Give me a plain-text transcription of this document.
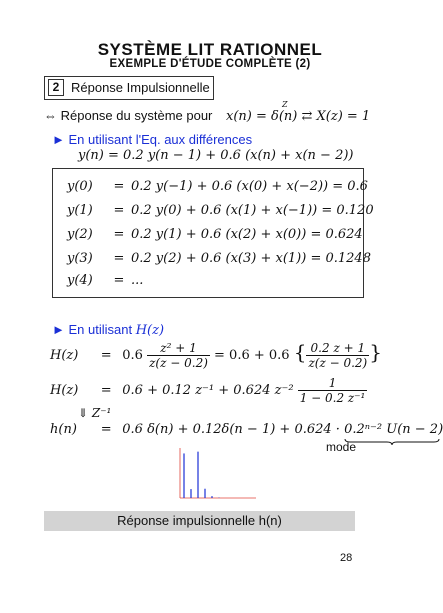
SYSTÈME LIT RATIONNEL
EXEMPLE D'ÉTUDE COMPLÈTE (2)
2 Réponse Impulsionnelle
⇔ Réponse du système pour x(n) = δ(n) ⇄ X(z) = 1
Z
► En utilisant l'Eq. aux différences
y(n) = 0.2 y(n − 1) + 0.6 (x(n) + x(n − 2))
y(0) = 0.2 y(−1) + 0.6 (x(0) + x(−2)) = 0.6
y(1) = 0.2 y(0) + 0.6 (x(1) + x(−1)) = 0.120
y(2) = 0.2 y(1) + 0.6 (x(2) + x(0)) = 0.624
y(3) = 0.2 y(2) + 0.6 (x(3) + x(1)) = 0.1248
y(4) = ...
► En utilisant H(z)
$H(z) = 0.6 \frac{\text{z² + 1}}{z(z - 0.2)} = 0.6 + 0.6$ { $\frac{0.2 z + 1}{z(z - 0.2)}$ }
H(z) = 0.6 + 0.12 z⁻¹ + 0.624 $z^{-2} \frac{1}{\text{1 − 0.2 z⁻¹}}$
⇓ Z⁻¹
h(n) = 0.6 δ(n) + 0.12δ(n − 1) + 0.624 · 0.2ⁿ⁻² U(n − 2)
mode
Réponse impulsionnelle h(n)
28
